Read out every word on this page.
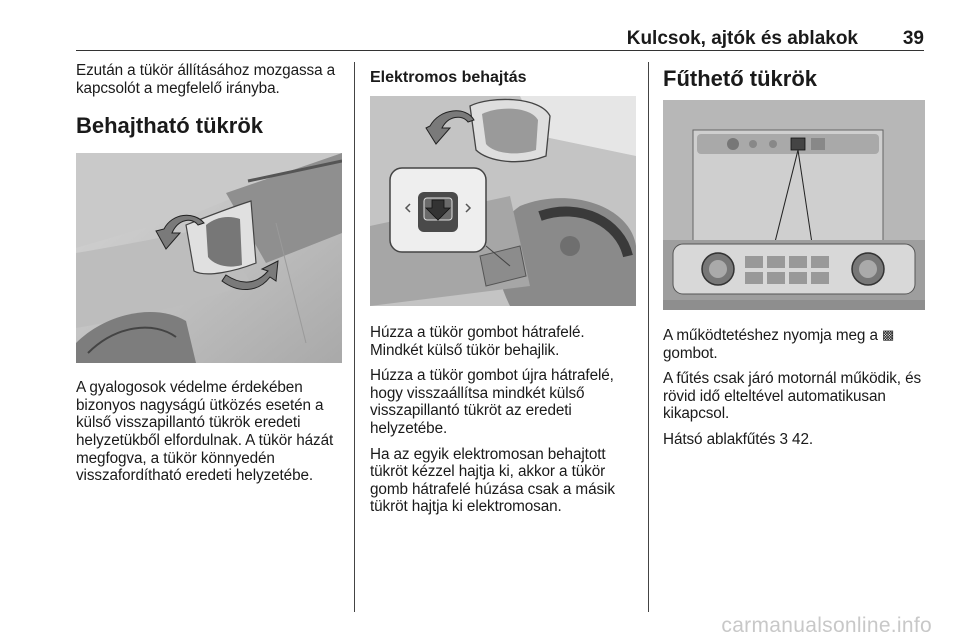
Kulcsok, ajtók és ablakok 39

Ezután a tükör állításához mozgassa a kapcsolót a megfelelő irányba.

Behajtható tükrök

A gyalogosok védelme érdekében bizonyos nagyságú ütközés esetén a külső visszapillantó tükrök eredeti helyzetükből elfordulnak. A tükör házát megfogva, a tükör könnyedén visszafordítható eredeti helyzetébe.

Elektromos behajtás

Húzza a tükör gombot hátrafelé. Mindkét külső tükör behajlik.

Húzza a tükör gombot újra hátrafelé, hogy visszaállítsa mindkét külső visszapillantó tükröt az eredeti helyzetébe.

Ha az egyik elektromosan behajtott tükröt kézzel hajtja ki, akkor a tükör gomb hátrafelé húzása csak a másik tükröt hajtja ki elektromosan.

Fűthető tükrök

A működtetéshez nyomja meg a ▩
gombot.

A fűtés csak járó motornál működik, és rövid idő elteltével automatikusan kikapcsol.

Hátsó ablakfűtés 3 42.

carmanualsonline.info
